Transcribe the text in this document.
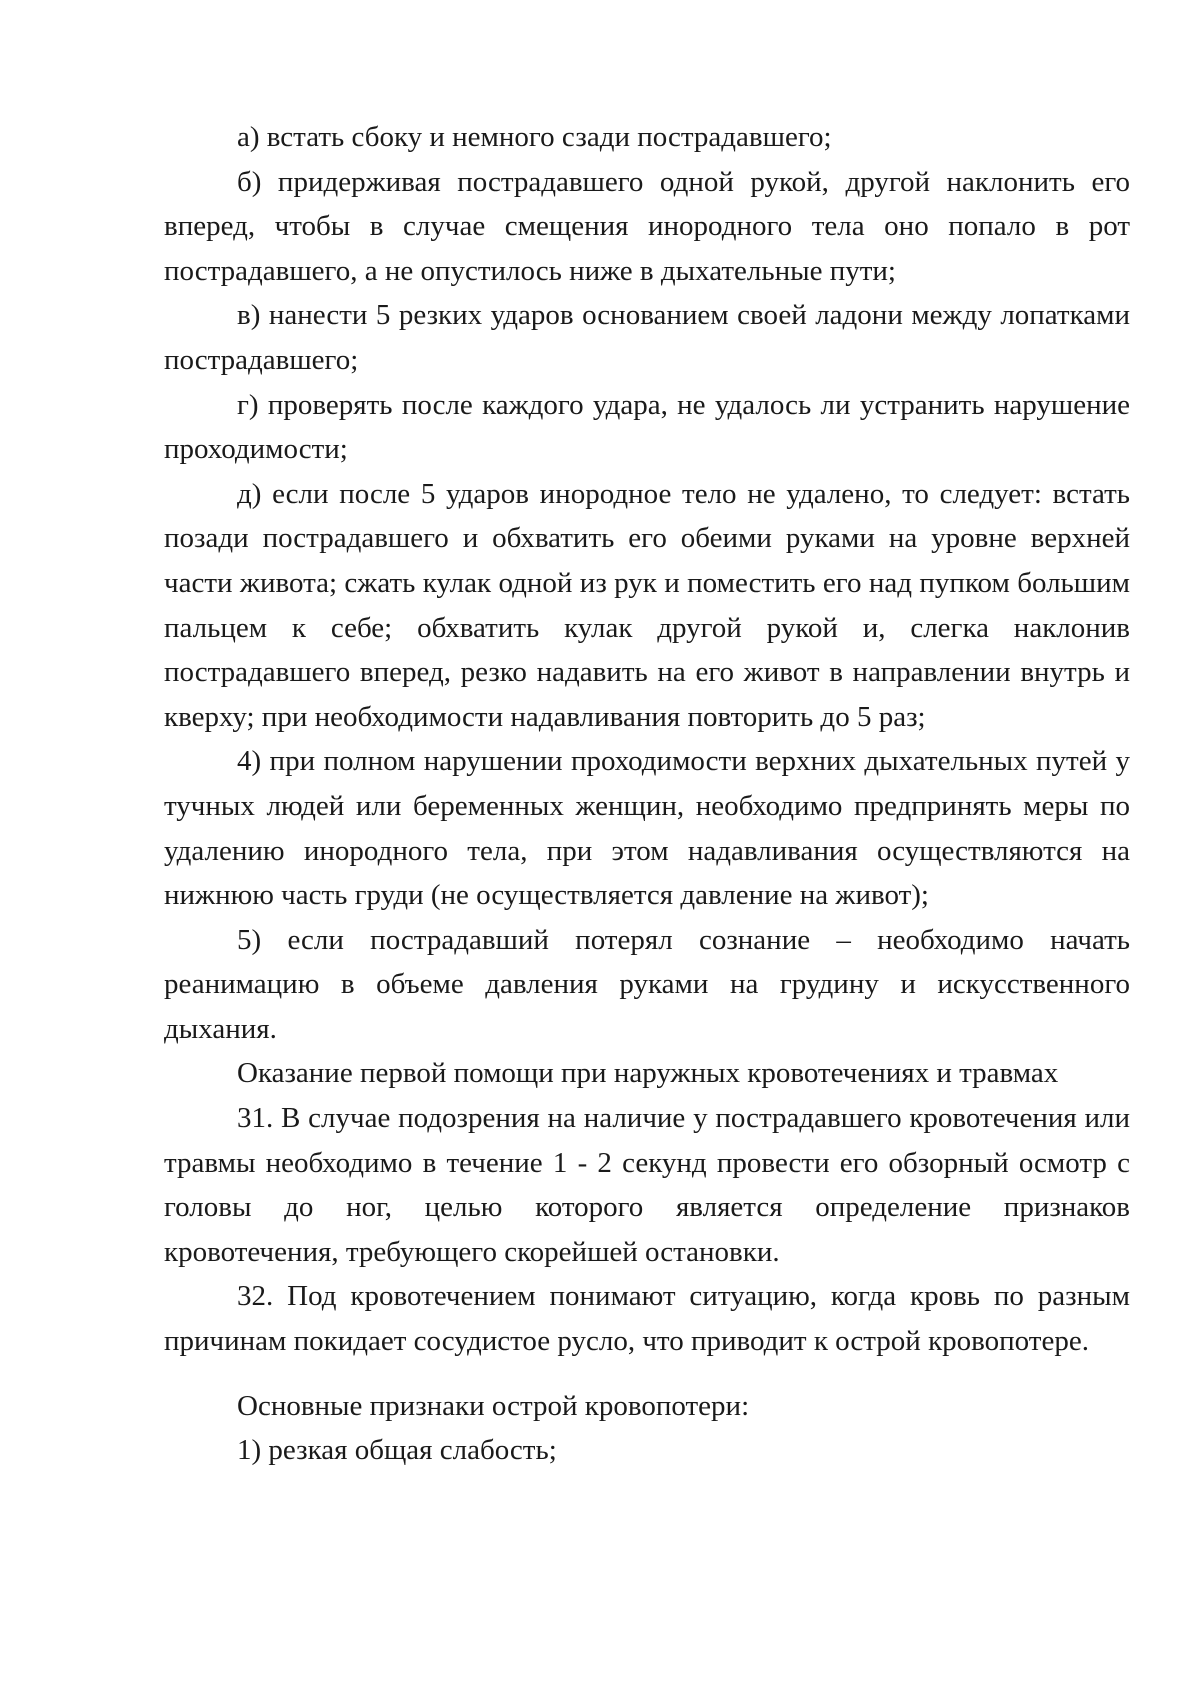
а) встать сбоку и немного сзади пострадавшего;

б) придерживая пострадавшего одной рукой, другой наклонить его вперед, чтобы в случае смещения инородного тела оно попало в рот пострадавшего, а не опустилось ниже в дыхательные пути;

в) нанести 5 резких ударов основанием своей ладони между лопатками пострадавшего;

г) проверять после каждого удара, не удалось ли устранить нарушение проходимости;

д) если после 5 ударов инородное тело не удалено, то следует: встать позади пострадавшего и обхватить его обеими руками на уровне верхней части живота; сжать кулак одной из рук и поместить его над пупком большим пальцем к себе; обхватить кулак другой рукой и, слегка наклонив пострадавшего вперед, резко надавить на его живот в направлении внутрь и кверху; при необходимости надавливания повторить до 5 раз;

4) при полном нарушении проходимости верхних дыхательных путей у тучных людей или беременных женщин, необходимо предпринять меры по удалению инородного тела, при этом надавливания осуществляются на нижнюю часть груди (не осуществляется давление на живот);

5) если пострадавший потерял сознание – необходимо начать реанимацию в объеме давления руками на грудину и искусственного дыхания.

Оказание первой помощи при наружных кровотечениях и травмах

31. В случае подозрения на наличие у пострадавшего кровотечения или травмы необходимо в течение 1 - 2 секунд провести его обзорный осмотр с головы до ног, целью которого является определение признаков кровотечения, требующего скорейшей остановки.

32. Под кровотечением понимают ситуацию, когда кровь по разным причинам покидает сосудистое русло, что приводит к острой кровопотере.

Основные признаки острой кровопотери:

1) резкая общая слабость;
